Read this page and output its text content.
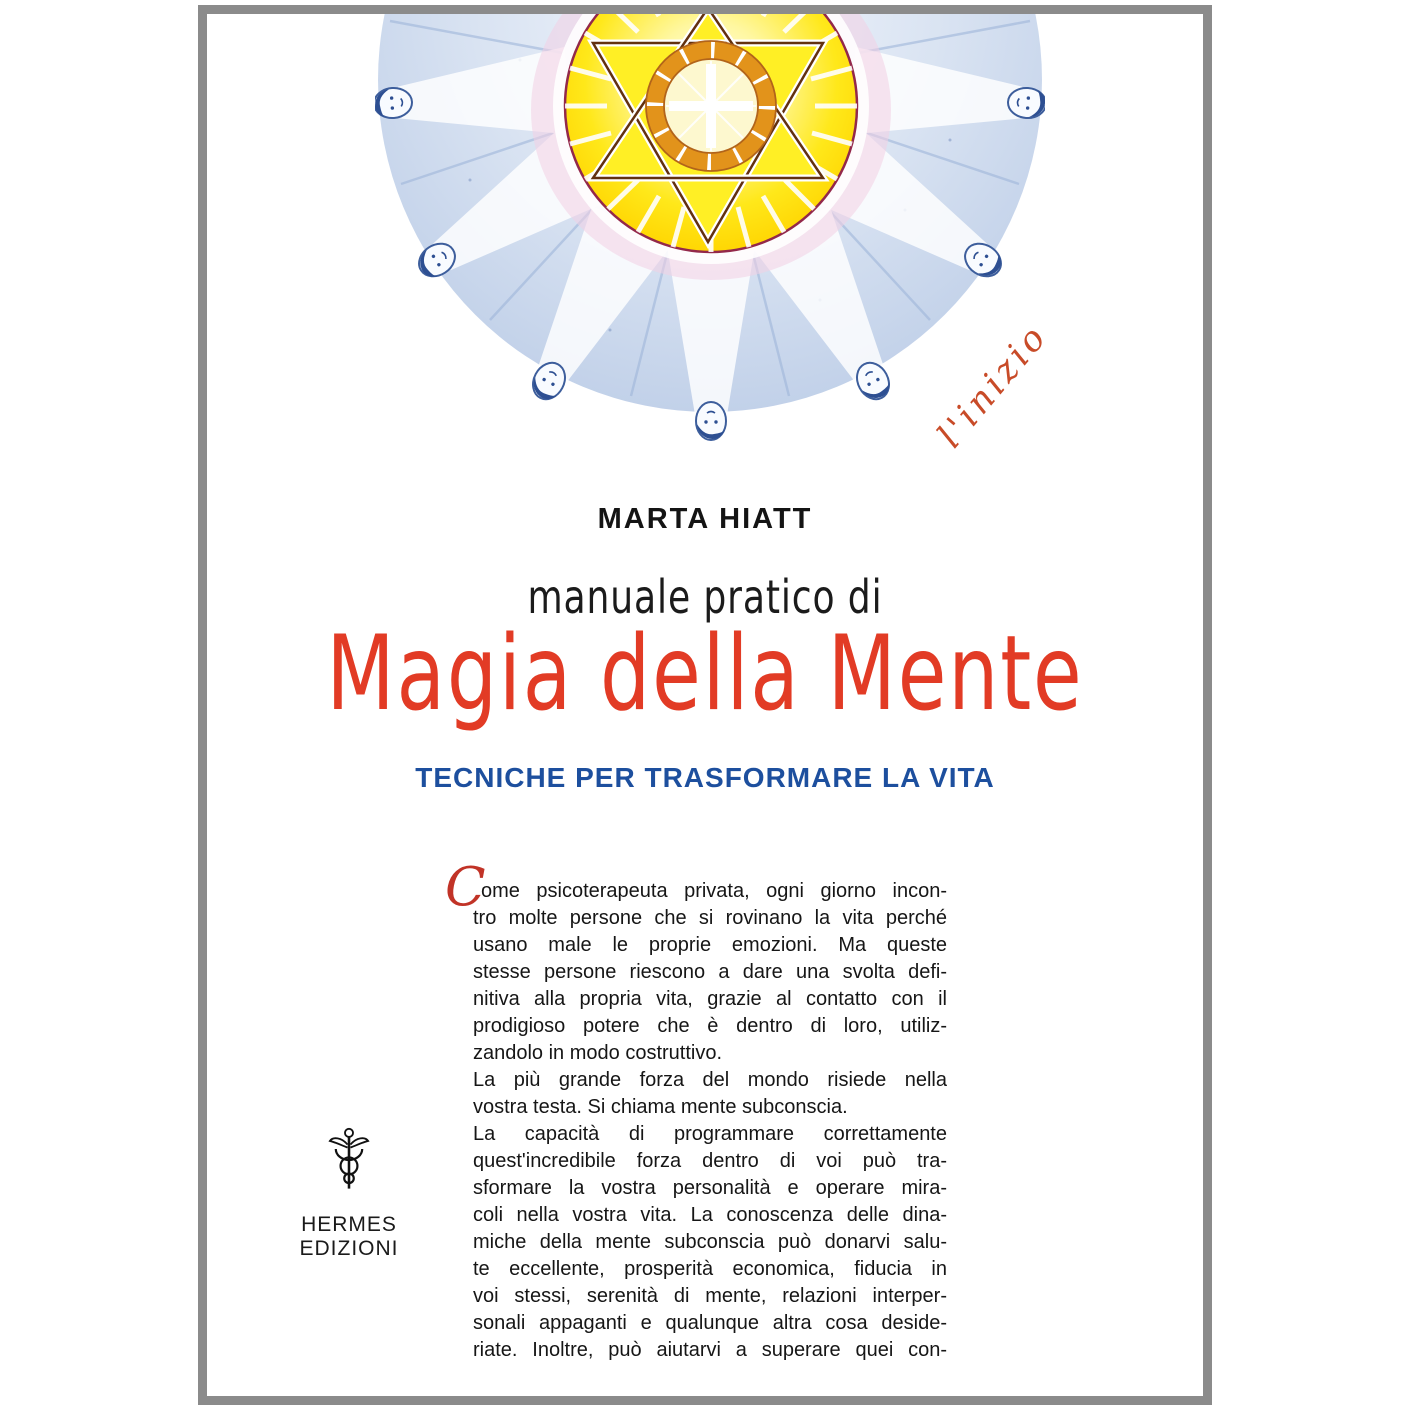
l'inizio
MARTA HIATT
manuale pratico di
Magia della Mente
TECNICHE PER TRASFORMARE LA VITA
C
ome psicoterapeuta privata, ogni giorno incon-
tro molte persone che si rovinano la vita perché
usano male le proprie emozioni. Ma queste
stesse persone riescono a dare una svolta defi-
nitiva alla propria vita, grazie al contatto con il
prodigioso potere che è dentro di loro, utiliz-
zandolo in modo costruttivo.
La più grande forza del mondo risiede nella
vostra testa. Si chiama mente subconscia.
La capacità di programmare correttamente
quest'incredibile forza dentro di voi può tra-
sformare la vostra personalità e operare mira-
coli nella vostra vita. La conoscenza delle dina-
miche della mente subconscia può donarvi salu-
te eccellente, prosperità economica, fiducia in
voi stessi, serenità di mente, relazioni interper-
sonali appaganti e qualunque altra cosa deside-
riate. Inoltre, può aiutarvi a superare quei con-
HERMES
EDIZIONI
